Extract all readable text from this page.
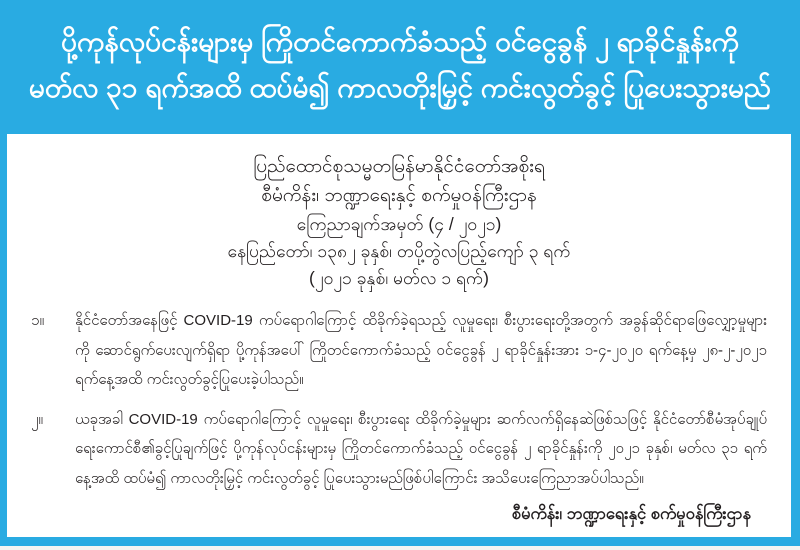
ပို့ကုန်လုပ်ငန်းများမှ ကြိုတင်ကောက်ခံသည့် ဝင်ငွေခွန် ၂ ရာခိုင်နှုန်းကို
မတ်လ ၃၁ ရက်အထိ ထပ်မံ၍ ကာလတိုးမြှင့် ကင်းလွတ်ခွင့် ပြုပေးသွားမည်
ပြည်ထောင်စုသမ္မတမြန်မာနိုင်ငံတော်အစိုးရ
စီမံကိန်း၊ ဘဏ္ဍာရေးနှင့် စက်မှုဝန်ကြီးဌာန
ကြေညာချက်အမှတ် (၄ / ၂၀၂၁)
နေပြည်တော်၊ ၁၃၈၂ ခုနှစ်၊ တပို့တွဲလပြည့်ကျော် ၃ ရက်
(၂၀၂၁ ခုနှစ်၊ မတ်လ ၁ ရက်)
၁။	နိုင်ငံတော်အနေဖြင့် COVID-19 ကပ်ရောဂါကြောင့် ထိခိုက်ခဲ့ရသည့် လူမှုရေး၊ စီးပွားရေးတို့အတွက် အခွန်ဆိုင်ရာဖြေလျှော့မှုများကို ဆောင်ရွက်ပေးလျက်ရှိရာ ပို့ကုန်အပေါ် ကြိုတင်ကောက်ခံသည့် ဝင်ငွေခွန် ၂ ရာခိုင်နှုန်းအား ၁-၄-၂၀၂၀ ရက်နေ့မှ ၂၈-၂-၂၀၂၁ ရက်နေ့အထိ ကင်းလွတ်ခွင့်ပြုပေးခဲ့ပါသည်။
၂။	ယခုအခါ COVID-19 ကပ်ရောဂါကြောင့် လူမှုရေး၊ စီးပွားရေး ထိခိုက်ခဲ့မှုများ ဆက်လက်ရှိနေဆဲဖြစ်သဖြင့် နိုင်ငံတော်စီမံအုပ်ချုပ်ရေးကောင်စီ၏ခွင့်ပြုချက်ဖြင့် ပို့ကုန်လုပ်ငန်းများမှ ကြိုတင်ကောက်ခံသည့် ဝင်ငွေခွန် ၂ ရာခိုင်နှုန်းကို ၂၀၂၁ ခုနှစ်၊ မတ်လ ၃၁ ရက်နေ့အထိ ထပ်မံ၍ ကာလတိုးမြှင့် ကင်းလွတ်ခွင့် ပြုပေးသွားမည်ဖြစ်ပါကြောင်း အသိပေးကြေညာအပ်ပါသည်။
စီမံကိန်း၊ ဘဏ္ဍာရေးနှင့် စက်မှုဝန်ကြီးဌာန
